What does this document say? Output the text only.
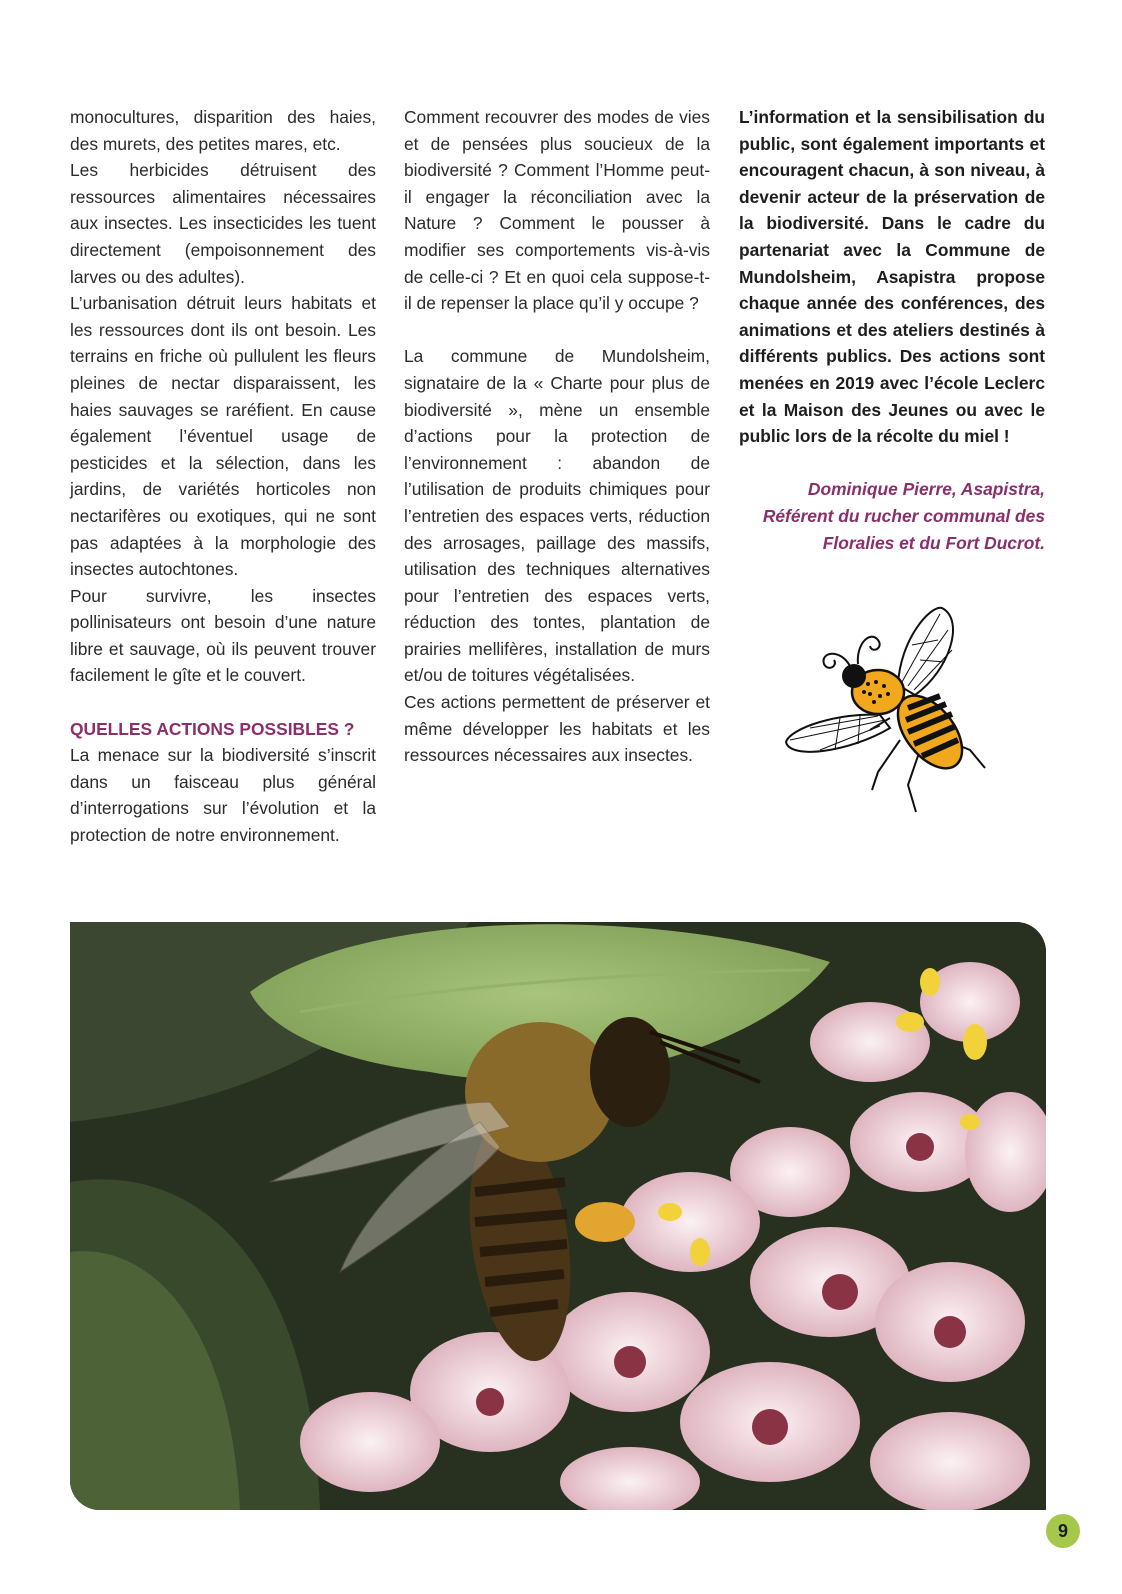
monocultures, disparition des haies, des murets, des petites mares, etc.

Les herbicides détruisent des ressources alimentaires nécessaires aux insectes. Les insecticides les tuent directement (empoisonnement des larves ou des adultes).

L’urbanisation détruit leurs habitats et les ressources dont ils ont besoin. Les terrains en friche où pullulent les fleurs pleines de nectar disparaissent, les haies sauvages se raréfient. En cause également l’éventuel usage de pesticides et la sélection, dans les jardins, de variétés horticoles non nectarifères ou exotiques, qui ne sont pas adaptées à la morphologie des insectes autochtones.

Pour survivre, les insectes pollinisateurs ont besoin d’une nature libre et sauvage, où ils peuvent trouver facilement le gîte et le couvert.

QUELLES ACTIONS POSSIBLES ?

La menace sur la biodiversité s’inscrit dans un faisceau plus général d’interrogations sur l’évolution et la protection de notre environnement.

Comment recouvrer des modes de vies et de pensées plus soucieux de la biodiversité ? Comment l’Homme peut-il engager la réconciliation avec la Nature ? Comment le pousser à modifier ses comportements vis-à-vis de celle-ci ? Et en quoi cela suppose-t-il de repenser la place qu’il y occupe ?

La commune de Mundolsheim, signataire de la « Charte pour plus de biodiversité », mène un ensemble d’actions pour la protection de l’environnement : abandon de l’utilisation de produits chimiques pour l’entretien des espaces verts, réduction des arrosages, paillage des massifs, utilisation des techniques alternatives pour l’entretien des espaces verts, réduction des tontes, plantation de prairies mellifères, installation de murs et/ou de toitures végétalisées.

Ces actions permettent de préserver et même développer les habitats et les ressources nécessaires aux insectes.

L’information et la sensibilisation du public, sont également importants et encouragent chacun, à son niveau, à devenir acteur de la préservation de la biodiversité. Dans le cadre du partenariat avec la Commune de Mundolsheim, Asapistra propose chaque année des conférences, des animations et des ateliers destinés à différents publics. Des actions sont menées en 2019 avec l’école Leclerc et la Maison des Jeunes ou avec le public lors de la récolte du miel !

Dominique Pierre, Asapistra,
Référent du rucher communal des Floralies et du Fort Ducrot.

9
